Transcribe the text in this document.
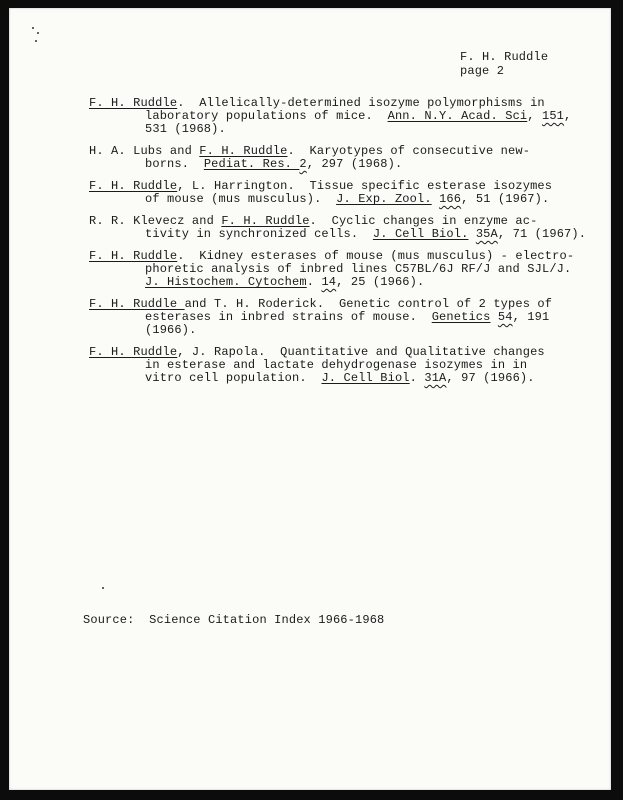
F. H. Ruddle
page 2
F. H. Ruddle.  Allelically-determined isozyme polymorphisms in
laboratory populations of mice.  Ann. N.Y. Acad. Sci, 151,
531 (1968).
H. A. Lubs and F. H. Ruddle.  Karyotypes of consecutive new-
borns.  Pediat. Res. 2, 297 (1968).
F. H. Ruddle, L. Harrington.  Tissue specific esterase isozymes
of mouse (mus musculus).  J. Exp. Zool. 166, 51 (1967).
R. R. Klevecz and F. H. Ruddle.  Cyclic changes in enzyme ac-
tivity in synchronized cells.  J. Cell Biol. 35A, 71 (1967).
F. H. Ruddle.  Kidney esterases of mouse (mus musculus) - electro-
phoretic analysis of inbred lines C57BL/6J RF/J and SJL/J.
J. Histochem. Cytochem. 14, 25 (1966).
F. H. Ruddle and T. H. Roderick.  Genetic control of 2 types of
esterases in inbred strains of mouse.  Genetics 54, 191
(1966).
F. H. Ruddle, J. Rapola.  Quantitative and Qualitative changes
in esterase and lactate dehydrogenase isozymes in in
vitro cell population.  J. Cell Biol. 31A, 97 (1966).
Source: Science Citation Index 1966-1968
